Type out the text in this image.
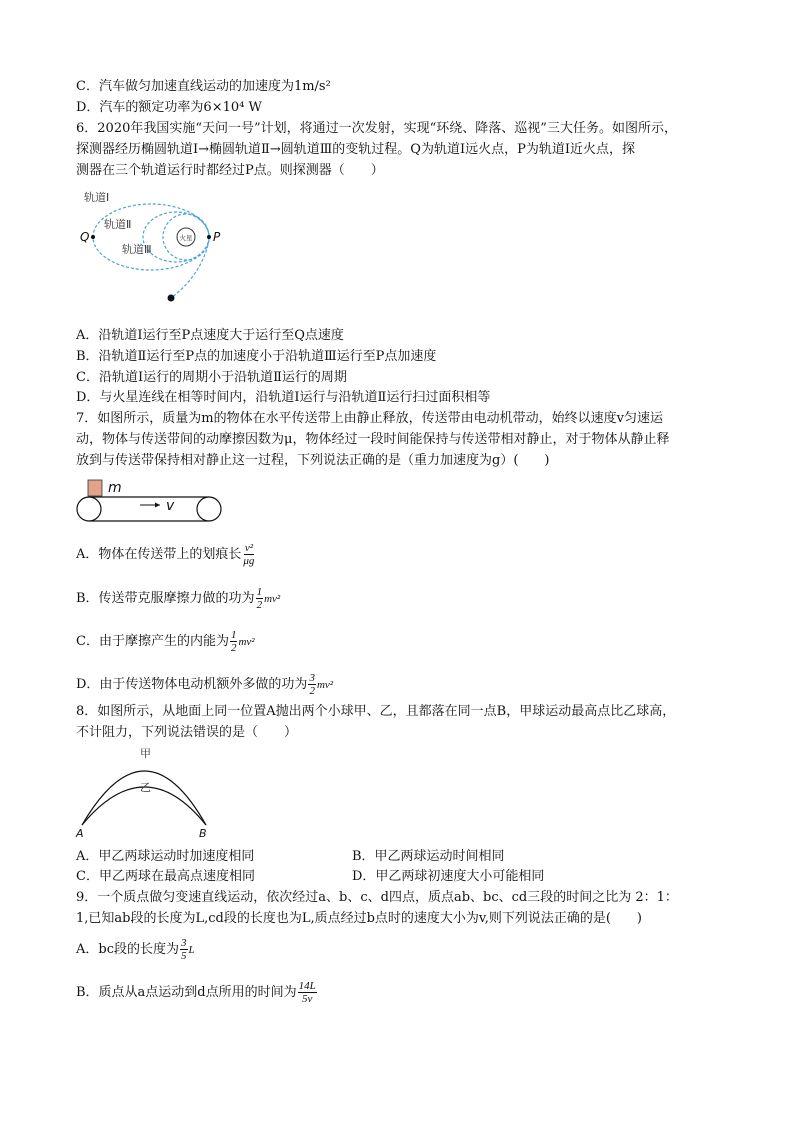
C．汽车做匀加速直线运动的加速度为1m/s²
D．汽车的额定功率为6×10⁴ W
6．2020年我国实施“天问一号”计划，将通过一次发射，实现“环绕、降落、巡视”三大任务。如图所示，
探测器经历椭圆轨道Ⅰ→椭圆轨道Ⅱ→圆轨道Ⅲ的变轨过程。Q为轨道Ⅰ远火点，P为轨道Ⅰ近火点，探
测器在三个轨道运行时都经过P点。则探测器（　　）
火星
轨道Ⅰ
轨道Ⅱ
轨道Ⅲ
Q	P
A．沿轨道Ⅰ运行至P点速度大于运行至Q点速度
B．沿轨道Ⅱ运行至P点的加速度小于沿轨道Ⅲ运行至P点加速度
C．沿轨道Ⅰ运行的周期小于沿轨道Ⅱ运行的周期
D．与火星连线在相等时间内，沿轨道Ⅰ运行与沿轨道Ⅱ运行扫过面积相等
7．如图所示，质量为m的物体在水平传送带上由静止释放，传送带由电动机带动，始终以速度v匀速运
动，物体与传送带间的动摩擦因数为μ，物体经过一段时间能保持与传送带相对静止，对于物体从静止释
放到与传送带保持相对静止这一过程，下列说法正确的是（重力加速度为g）(　　)
m
v
A．物体在传送带上的划痕长 $\frac{\text{v²}}{\mu g}$
B．传送带克服摩擦力做的功为 $\frac{1}{2} mv^2$
C．由于摩擦产生的内能为 $\frac{1}{2} mv^2$
D．由于传送物体电动机额外多做的功为 $\frac{3}{2} mv^2$
8．如图所示，从地面上同一位置A抛出两个小球甲、乙，且都落在同一点B，甲球运动最高点比乙球高，
不计阻力，下列说法错误的是（　　）
甲
乙
A	B
A．甲乙两球运动时加速度相同	B．甲乙两球运动时间相同
C．甲乙两球在最高点速度相同	D．甲乙两球初速度大小可能相同
9．一个质点做匀变速直线运动，依次经过a、b、c、d四点，质点ab、bc、cd三段的时间之比为 2：1：
1,已知ab段的长度为L,cd段的长度也为L,质点经过b点时的速度大小为v,则下列说法正确的是(　　)
A．bc段的长度为 $\frac{3}{5}$ L
B．质点从a点运动到d点所用的时间为 $\frac{14L}{5v}$
